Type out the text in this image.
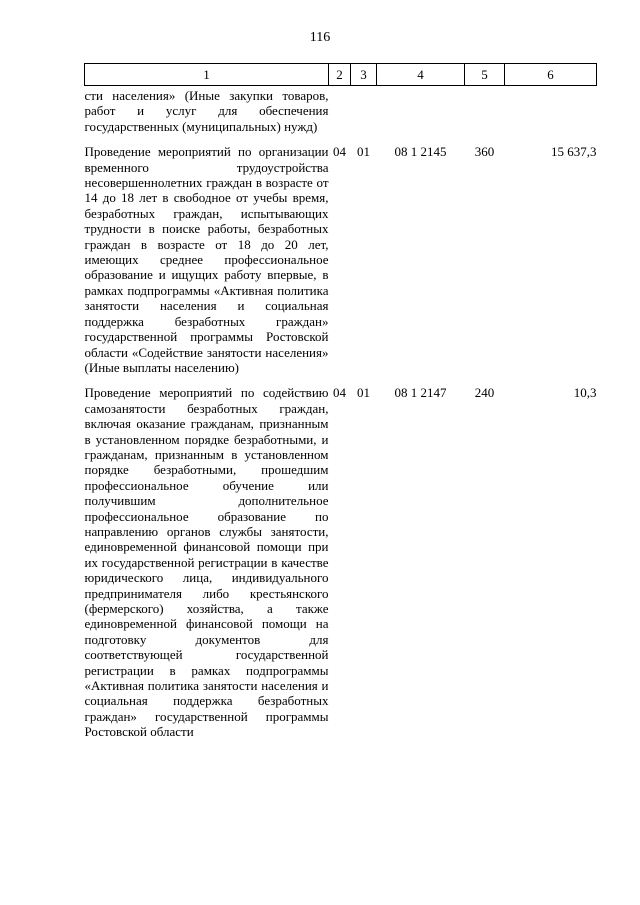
116
1	2	3	4	5	6
сти населения» (Иные закупки товаров, работ и услуг для обеспечения государственных (муниципальных) нужд)					
Проведение мероприятий по организации временного трудоустройства несовершеннолетних граждан в возрасте от 14 до 18 лет в свободное от учебы время, безработных граждан, испытывающих трудности в поиске работы, безработных граждан в возрасте от 18 до 20 лет, имеющих среднее профессиональное образование и ищущих работу впервые, в рамках подпрограммы «Активная политика занятости населения и социальная поддержка безработных граждан» государственной программы Ростовской области «Содействие занятости населения» (Иные выплаты населению)	04	01	08 1 2145	360	15 637,3
Проведение мероприятий по содействию самозанятости безработных граждан, включая оказание гражданам, признанным в установленном порядке безработными, и гражданам, признанным в установленном порядке безработными, прошедшим профессиональное обучение или получившим дополнительное профессиональное образование по направлению органов службы занятости, единовременной финансовой помощи при их государственной регистрации в качестве юридического лица, индивидуального предпринимателя либо крестьянского (фермерского) хозяйства, а также единовременной финансовой помощи на подготовку документов для соответствующей государственной регистрации в рамках подпрограммы «Активная политика занятости населения и социальная поддержка безработных граждан» государственной программы Ростовской области	04	01	08 1 2147	240	10,3
